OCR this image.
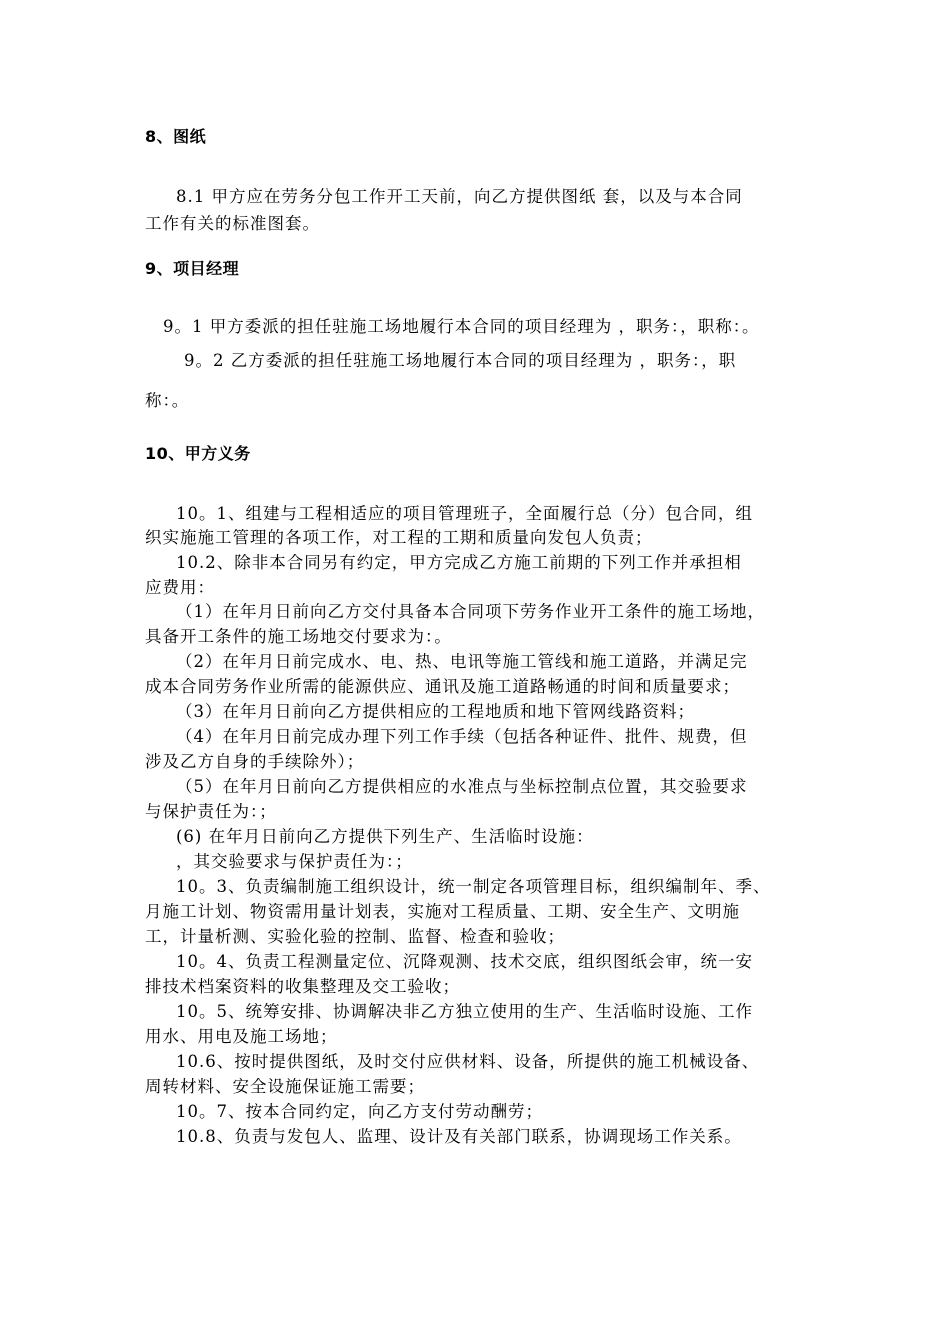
8、图纸
8.1 甲方应在劳务分包工作开工天前，向乙方提供图纸 套，以及与本合同
工作有关的标准图套。
9、项目经理
9。1 甲方委派的担任驻施工场地履行本合同的项目经理为 ，职务：，职称：。
9。2 乙方委派的担任驻施工场地履行本合同的项目经理为 ，职务：，职
称：。
10、甲方义务
10。1、组建与工程相适应的项目管理班子，全面履行总（分）包合同，组
织实施施工管理的各项工作，对工程的工期和质量向发包人负责；
10.2、除非本合同另有约定，甲方完成乙方施工前期的下列工作并承担相
应费用：
（1）在年月日前向乙方交付具备本合同项下劳务作业开工条件的施工场地，
具备开工条件的施工场地交付要求为：。
（2）在年月日前完成水、电、热、电讯等施工管线和施工道路，并满足完
成本合同劳务作业所需的能源供应、通讯及施工道路畅通的时间和质量要求；
（3）在年月日前向乙方提供相应的工程地质和地下管网线路资料；
（4）在年月日前完成办理下列工作手续（包括各种证件、批件、规费，但
涉及乙方自身的手续除外）；
（5）在年月日前向乙方提供相应的水准点与坐标控制点位置，其交验要求
与保护责任为：；
(6) 在年月日前向乙方提供下列生产、生活临时设施：
，其交验要求与保护责任为：；
10。3、负责编制施工组织设计，统一制定各项管理目标，组织编制年、季、
月施工计划、物资需用量计划表，实施对工程质量、工期、安全生产、文明施
工，计量析测、实验化验的控制、监督、检查和验收；
10。4、负责工程测量定位、沉降观测、技术交底，组织图纸会审，统一安
排技术档案资料的收集整理及交工验收；
10。5、统筹安排、协调解决非乙方独立使用的生产、生活临时设施、工作
用水、用电及施工场地；
10.6、按时提供图纸，及时交付应供材料、设备，所提供的施工机械设备、
周转材料、安全设施保证施工需要；
10。7、按本合同约定，向乙方支付劳动酬劳；
10.8、负责与发包人、监理、设计及有关部门联系，协调现场工作关系。
